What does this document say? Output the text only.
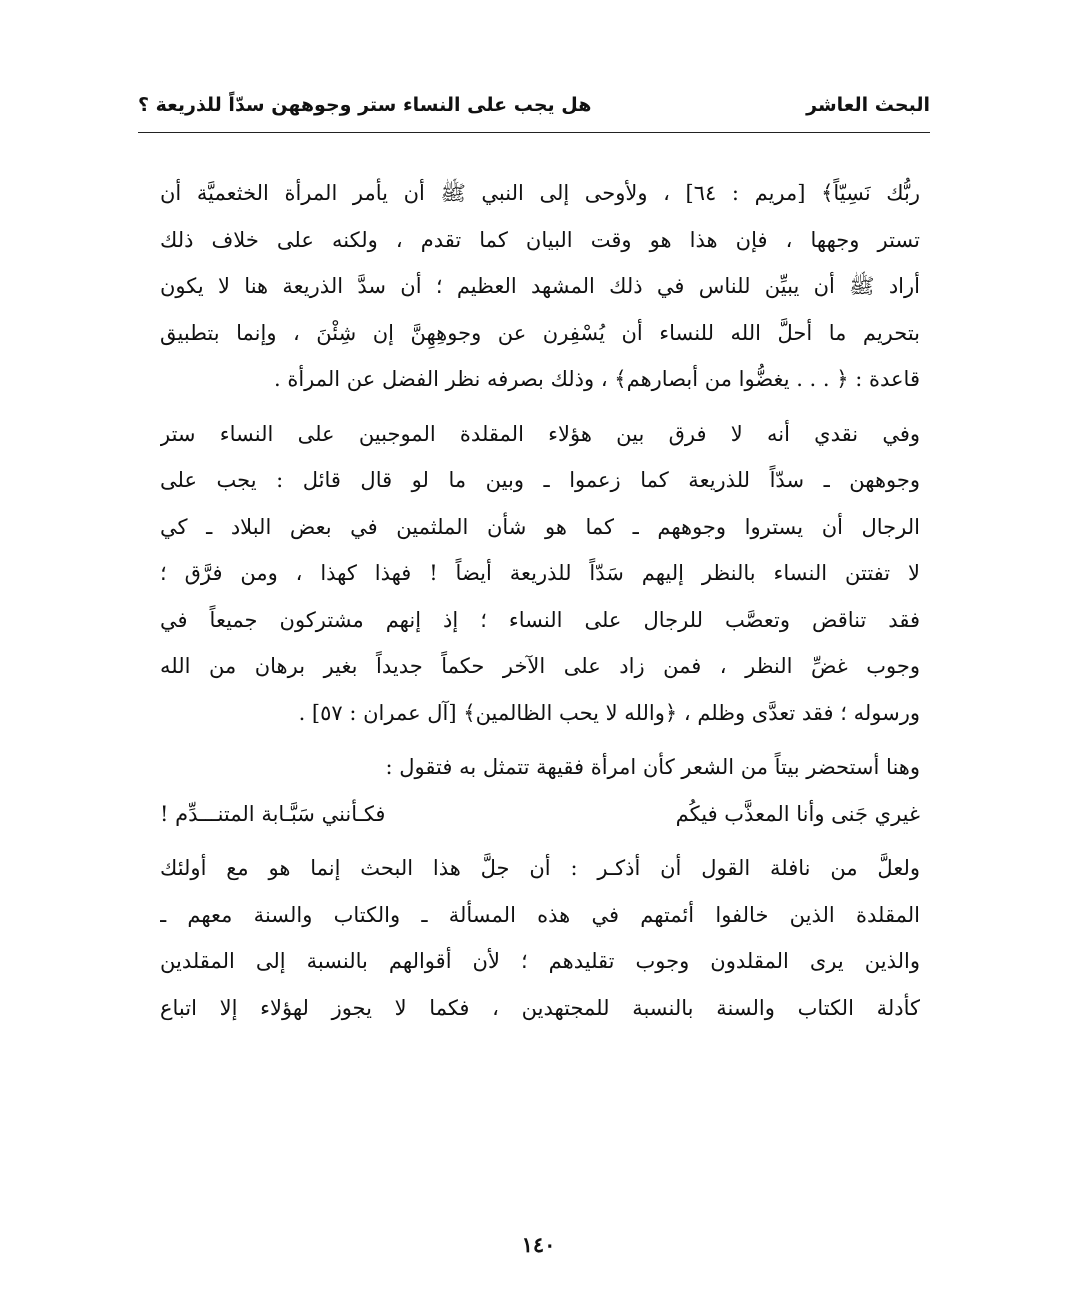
البحث العاشر
هل يجب على النساء ستر وجوههن سدّاً للذريعة ؟
ربُّك نَسِيّاً﴾ [مريم : ٦٤] ، ولأوحى إلى النبي ﷺ أن يأمر المرأة الخثعميَّة أن
تستر وجهها ، فإن هذا هو وقت البيان كما تقدم ، ولكنه على خلاف ذلك
أراد ﷺ أن يبيِّن للناس في ذلك المشهد العظيم ؛ أن سدَّ الذريعة هنا لا يكون
بتحريم ما أحلَّ الله للنساء أن يُسْفِرن عن وجوهِهِنَّ إن شِئْنَ ، وإنما بتطبيق
قاعدة : ﴿ . . . يغضُّوا من أبصارهم﴾ ، وذلك بصرفه نظر الفضل عن المرأة .
وفي نقدي أنه لا فرق بين هؤلاء المقلدة الموجبين على النساء ستر
وجوههن ـ سدّاً للذريعة كما زعموا ـ وبين ما لو قال قائل : يجب على
الرجال أن يستروا وجوههم ـ كما هو شأن الملثمين في بعض البلاد ـ كي
لا تفتتن النساء بالنظر إليهم سَدّاً للذريعة أيضاً ! فهذا كهذا ، ومن فرَّق ؛
فقد تناقض وتعصَّب للرجال على النساء ؛ إذ إنهم مشتركون جميعاً في
وجوب غضِّ النظر ، فمن زاد على الآخر حكماً جديداً بغير برهان من الله
ورسوله ؛ فقد تعدَّى وظلم ، ﴿والله لا يحب الظالمين﴾ [آل عمران : ٥٧] .
وهنا أستحضر بيتاً من الشعر كأن امرأة فقيهة تتمثل به فتقول :
غيري جَنى وأنا المعذَّب فيكُم
فكـأنني سَبَّـابة المتنـــدِّم !
ولعلَّ من نافلة القول أن أذكـر : أن جلَّ هذا البحث إنما هو مع أولئك
المقلدة الذين خالفوا أئمتهم في هذه المسألة ـ والكتاب والسنة معهم ـ
والذين يرى المقلدون وجوب تقليدهم ؛ لأن أقوالهم بالنسبة إلى المقلدين
كأدلة الكتاب والسنة بالنسبة للمجتهدين ، فكما لا يجوز لهؤلاء إلا اتباع
١٤٠
